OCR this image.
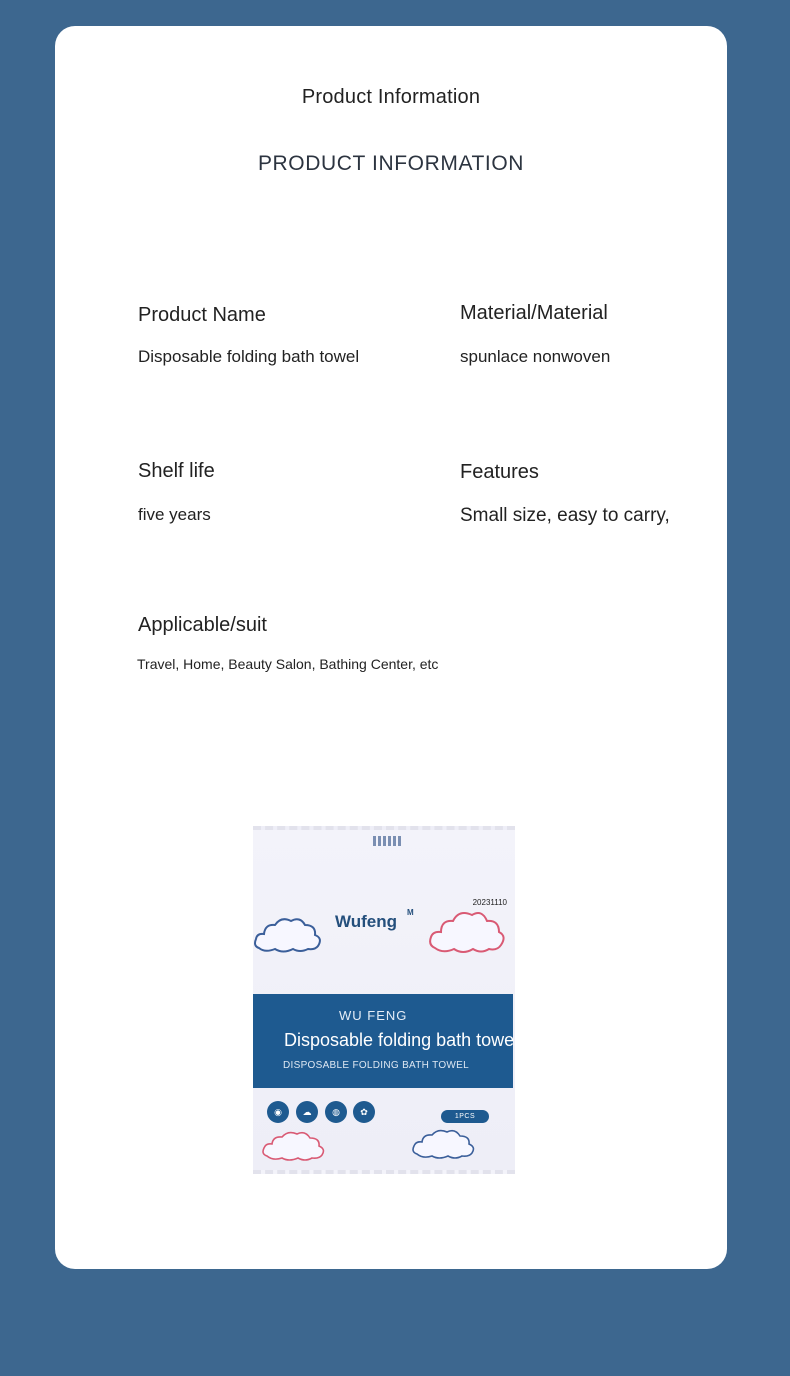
Product Information
PRODUCT INFORMATION
Product Name
Disposable folding bath towel
Material/Material
spunlace nonwoven
Shelf life
five years
Features
Small size, easy to carry,
Applicable/suit
Travel, Home, Beauty Salon, Bathing Center, etc
20231110
Wufeng M
WU FENG
Disposable folding bath towel
DISPOSABLE FOLDING BATH TOWEL
◉	☁	◍	✿	1PCS
